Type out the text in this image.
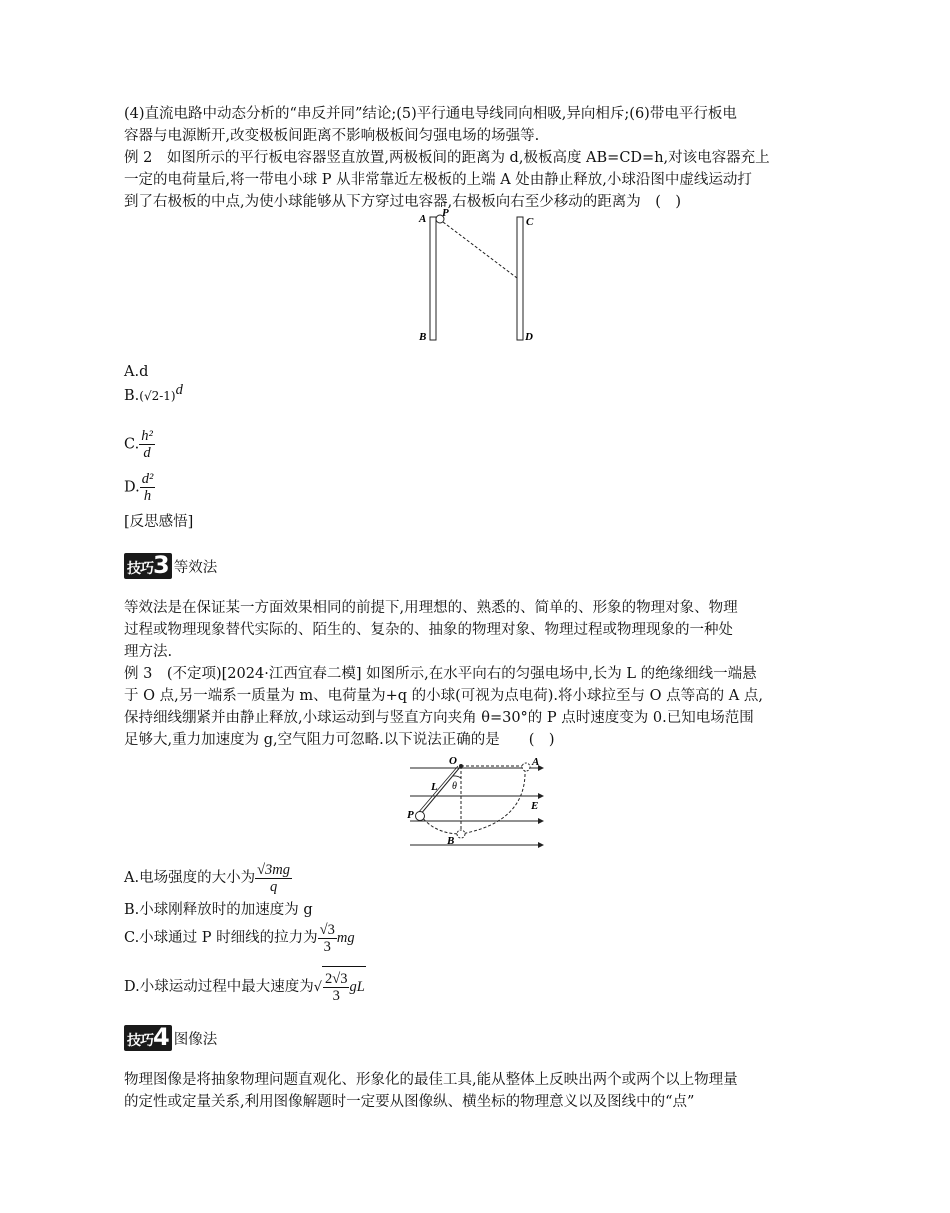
(4)直流电路中动态分析的“串反并同”结论;(5)平行通电导线同向相吸,异向相斥;(6)带电平行板电
容器与电源断开,改变极板间距离不影响极板间匀强电场的场强等.
例 2　如图所示的平行板电容器竖直放置,两极板间的距离为 d,极板高度 AB=CD=h,对该电容器充上
一定的电荷量后,将一带电小球 P 从非常靠近左极板的上端 A 处由静止释放,小球沿图中虚线运动打
到了右极板的中点,为使小球能够从下方穿过电容器,右极板向右至少移动的距离为　(　)
A P
B
C
D
A.d
B.(√2-1)d
C. $\frac{\text{h²}}{d}$
D. $\frac{\text{d²}}{h}$
[反思感悟]
技巧3 等效法
等效法是在保证某一方面效果相同的前提下,用理想的、熟悉的、简单的、形象的物理对象、物理
过程或物理现象替代实际的、陌生的、复杂的、抽象的物理对象、物理过程或物理现象的一种处
理方法.
例 3　(不定项)[2024·江西宜春二模] 如图所示,在水平向右的匀强电场中,长为 L 的绝缘细线一端悬
于 O 点,另一端系一质量为 m、电荷量为+q 的小球(可视为点电荷).将小球拉至与 O 点等高的 A 点,
保持细线绷紧并由静止释放,小球运动到与竖直方向夹角 θ=30°的 P 点时速度变为 0.已知电场范围
足够大,重力加速度为 g,空气阻力可忽略.以下说法正确的是　　(　)
O	A
L θ
E
P
B
A.电场强度的大小为 $\frac{√3mg}{q}$
B.小球刚释放时的加速度为 g
C.小球通过 P 时细线的拉力为 $\frac{√3}{3}$ mg
D.小球运动过程中最大速度为√ $\frac{2√3}{3}$ gL
技巧4 图像法
物理图像是将抽象物理问题直观化、形象化的最佳工具,能从整体上反映出两个或两个以上物理量
的定性或定量关系,利用图像解题时一定要从图像纵、横坐标的物理意义以及图线中的“点”
